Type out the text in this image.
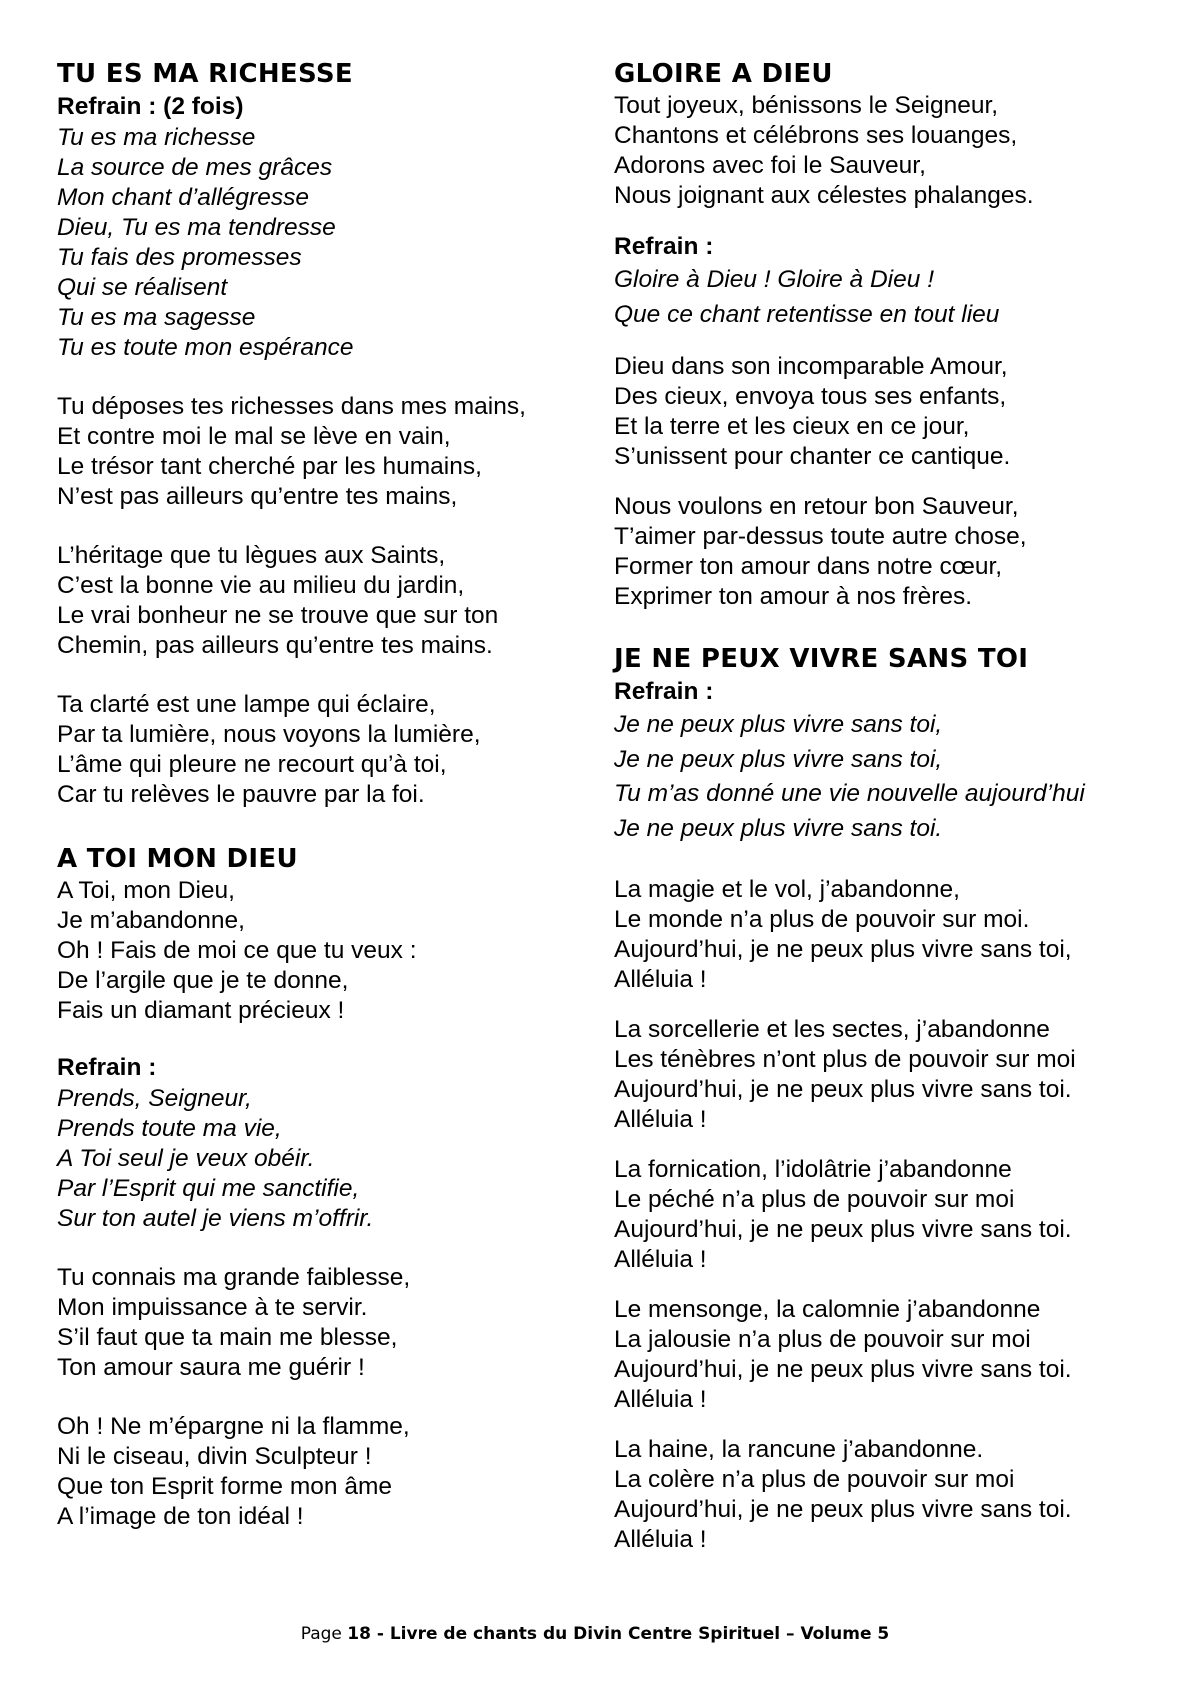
TU ES MA RICHESSE
Refrain : (2 fois)
Tu es ma richesse
La source de mes grâces
Mon chant d’allégresse
Dieu, Tu es ma tendresse
Tu fais des promesses
Qui se réalisent
Tu es ma sagesse
Tu es toute mon espérance
Tu déposes tes richesses dans mes mains,
Et contre moi le mal se lève en vain,
Le trésor tant cherché par les humains,
N’est pas ailleurs qu’entre tes mains,
L’héritage que tu lègues aux Saints,
C’est la bonne vie au milieu du jardin,
Le vrai bonheur ne se trouve que sur ton
Chemin, pas ailleurs qu’entre tes mains.
Ta clarté est une lampe qui éclaire,
Par ta lumière, nous voyons la lumière,
L’âme qui pleure ne recourt qu’à toi,
Car tu relèves le pauvre par la foi.
A TOI MON DIEU
A Toi, mon Dieu,
Je m’abandonne,
Oh ! Fais de moi ce que tu veux :
De l’argile que je te donne,
Fais un diamant précieux !
Refrain :
Prends, Seigneur,
Prends toute ma vie,
A Toi seul je veux obéir.
Par l’Esprit qui me sanctifie,
Sur ton autel je viens m’offrir.
Tu connais ma grande faiblesse,
Mon impuissance à te servir.
S’il faut que ta main me blesse,
Ton amour saura me guérir !
Oh ! Ne m’épargne ni la flamme,
Ni le ciseau, divin Sculpteur !
Que ton Esprit forme mon âme
A l’image de ton idéal !
GLOIRE A DIEU
Tout joyeux, bénissons le Seigneur,
Chantons et célébrons ses louanges,
Adorons avec foi le Sauveur,
Nous joignant aux célestes phalanges.
Refrain :
Gloire à Dieu ! Gloire à Dieu !
Que ce chant retentisse en tout lieu
Dieu dans son incomparable Amour,
Des cieux, envoya tous ses enfants,
Et la terre et les cieux en ce jour,
S’unissent pour chanter ce cantique.
Nous voulons en retour bon Sauveur,
T’aimer par-dessus toute autre chose,
Former ton amour dans notre cœur,
Exprimer ton amour à nos frères.
JE NE PEUX VIVRE SANS TOI
Refrain :
Je ne peux plus vivre sans toi,
Je ne peux plus vivre sans toi,
Tu m’as donné une vie nouvelle aujourd’hui
Je ne peux plus vivre sans toi.
La magie et le vol, j’abandonne,
Le monde n’a plus de pouvoir sur moi.
Aujourd’hui, je ne peux plus vivre sans toi,
Alléluia !
La sorcellerie et les sectes, j’abandonne
Les ténèbres n’ont plus de pouvoir sur moi
Aujourd’hui, je ne peux plus vivre sans toi.
Alléluia !
La fornication, l’idolâtrie j’abandonne
Le péché n’a plus de pouvoir sur moi
Aujourd’hui, je ne peux plus vivre sans toi.
Alléluia !
Le mensonge, la calomnie j’abandonne
La jalousie n’a plus de pouvoir sur moi
Aujourd’hui, je ne peux plus vivre sans toi.
Alléluia !
La haine, la rancune j’abandonne.
La colère n’a plus de pouvoir sur moi
Aujourd’hui, je ne peux plus vivre sans toi.
Alléluia !
Page 18 - Livre de chants du Divin Centre Spirituel – Volume 5
